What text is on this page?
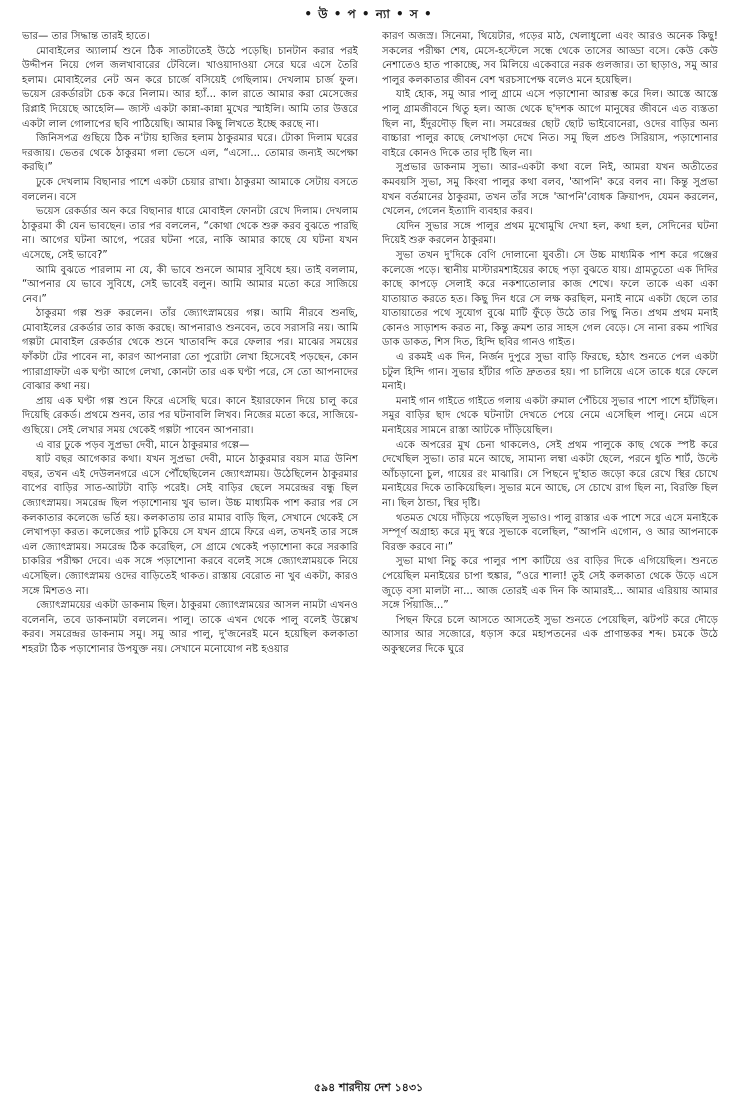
• উ • প • ন্যা • স •

ভার— তার সিদ্ধান্ত তারই হাতে।

মোবাইলের অ্যালার্ম শুনে ঠিক সাতটাতেই উঠে পড়েছি। চানটান করার পরই উদ্দীপন নিয়ে গেল জলখাবারের টেবিলে। খাওয়াদাওয়া সেরে ঘরে এসে তৈরি হলাম। মোবাইলের নেট অন করে চার্জে বসিয়েই গেছিলাম। দেখলাম চার্জ ফুল। ভয়েস রেকর্ডারটা চেক করে নিলাম। আর হ্যাঁ... কাল রাতে আমার করা মেসেজের রিপ্লাই দিয়েছে আহেলি— জাস্ট একটা কান্না-কান্না মুখের স্মাইলি। আমি তার উত্তরে একটা লাল গোলাপের ছবি পাঠিয়েছি। আমার কিছু লিখতে ইচ্ছে করছে না।

জিনিসপত্র গুছিয়ে ঠিক ন'টায় হাজির হলাম ঠাকুরমার ঘরে। টোকা দিলাম ঘরের দরজায়। ভেতর থেকে ঠাকুরমা গলা ভেসে এল, “এসো... তোমার জন্যই অপেক্ষা করছি।”

ঢুকে দেখলাম বিছানার পাশে একটা চেয়ার রাখা। ঠাকুরমা আমাকে সেটায় বসতে বললেন। বসে

ভয়েস রেকর্ডার অন করে বিছানার ধারে মোবাইল ফোনটা রেখে দিলাম। দেখলাম ঠাকুরমা কী যেন ভাবছেন। তার পর বললেন, “কোথা থেকে শুরু করব বুঝতে পারছি না। আগের ঘটনা আগে, পরের ঘটনা পরে, নাকি আমার কাছে যে ঘটনা যখন এসেছে, সেই ভাবে?”

আমি বুঝতে পারলাম না যে, কী ভাবে শুনলে আমার সুবিধে হয়। তাই বললাম, “আপনার যে ভাবে সুবিধে, সেই ভাবেই বলুন। আমি আমার মতো করে সাজিয়ে নেব।”

ঠাকুরমা গল্প শুরু করলেন। তাঁর জ্যোৎস্নাময়ের গল্প। আমি নীরবে শুনছি, মোবাইলের রেকর্ডার তার কাজ করছে। আপনারাও শুনবেন, তবে সরাসরি নয়। আমি গল্পটা মোবাইল রেকর্ডার থেকে শুনে খাতাবন্দি করে ফেলার পর। মাঝের সময়ের ফাঁকটা টের পাবেন না, কারণ আপনারা তো পুরোটা লেখা হিসেবেই পড়ছেন, কোন প্যারাগ্রাফটা এক ঘণ্টা আগে লেখা, কোনটা তার এক ঘণ্টা পরে, সে তো আপনাদের বোঝার কথা নয়।

প্রায় এক ঘণ্টা গল্প শুনে ফিরে এসেছি ঘরে। কানে ইয়ারফোন দিয়ে চালু করে দিয়েছি রেকর্ড। প্রথমে শুনব, তার পর ঘটনাবলি লিখব। নিজের মতো করে, সাজিয়ে-গুছিয়ে। সেই লেখার সময় থেকেই গল্পটা পাবেন আপনারা।

এ বার ঢুকে পড়ব সুপ্রভা দেবী, মানে ঠাকুরমার গল্পে—

ষাট বছর আগেকার কথা। যখন সুপ্রভা দেবী, মানে ঠাকুরমার বয়স মাত্র উনিশ বছর, তখন এই দেউলনগরে এসে পৌঁছেছিলেন জ্যোৎস্নাময়। উঠেছিলেন ঠাকুরমার বাপের বাড়ির সাত-আটটা বাড়ি পরেই। সেই বাড়ির ছেলে সমরেন্দ্রর বন্ধু ছিল জ্যোৎস্নাময়। সমরেন্দ্র ছিল পড়াশোনায় খুব ভাল। উচ্চ মাধ্যমিক পাশ করার পর সে কলকাতার কলেজে ভর্তি হয়। কলকাতায় তার মামার বাড়ি ছিল, সেখানে থেকেই সে লেখাপড়া করত। কলেজের পাট চুকিয়ে সে যখন গ্রামে ফিরে এল, তখনই তার সঙ্গে এল জ্যোৎস্নাময়। সমরেন্দ্র ঠিক করেছিল, সে গ্রামে থেকেই পড়াশোনা করে সরকারি চাকরির পরীক্ষা দেবে। এক সঙ্গে পড়াশোনা করবে বলেই সঙ্গে জ্যোৎস্নাময়কে নিয়ে এসেছিল। জ্যোৎস্নাময় ওদের বাড়িতেই থাকত। রাস্তায় বেরোত না খুব একটা, কারও সঙ্গে মিশতও না।

জ্যোৎস্নাময়ের একটা ডাকনাম ছিল। ঠাকুরমা জ্যোৎস্নাময়ের আসল নামটা এখনও বলেননি, তবে ডাকনামটা বললেন। পালু। তাকে এখন থেকে পালু বলেই উল্লেখ করব। সমরেন্দ্রর ডাকনাম সমু। সমু আর পালু, দু'জনেরই মনে হয়েছিল কলকাতা শহরটা ঠিক পড়াশোনার উপযুক্ত নয়। সেখানে মনোযোগ নষ্ট হওয়ার

কারণ অজস্র। সিনেমা, থিয়েটার, গড়ের মাঠ, খেলাধুলো এবং আরও অনেক কিছু! সকলের পরীক্ষা শেষ, মেসে-হস্টেলে সন্ধে থেকে তাসের আড্ডা বসে। কেউ কেউ নেশাতেও হাত পাকাচ্ছে, সব মিলিয়ে একেবারে নরক গুলজার। তা ছাড়াও, সমু আর পালুর কলকাতার জীবন বেশ খরচসাপেক্ষ বলেও মনে হয়েছিল।

যাই হোক, সমু আর পালু গ্রামে এসে পড়াশোনা আরম্ভ করে দিল। আস্তে আস্তে পালু গ্রামজীবনে থিতু হল। আজ থেকে ছ'দশক আগে মানুষের জীবনে এত ব্যস্ততা ছিল না, ইঁদুরদৌড় ছিল না। সমরেন্দ্রর ছোট ছোট ভাইবোনেরা, ওদের বাড়ির অন্য বাচ্চারা পালুর কাছে লেখাপড়া দেখে নিত। সমু ছিল প্রচণ্ড সিরিয়াস, পড়াশোনার বাইরে কোনও দিকে তার দৃষ্টি ছিল না।

সুপ্রভার ডাকনাম সুভা। আর-একটা কথা বলে নিই, আমরা যখন অতীতের কমবয়সি সুভা, সমু কিংবা পালুর কথা বলব, 'আপনি' করে বলব না। কিন্তু সুপ্রভা যখন বর্তমানের ঠাকুরমা, তখন তাঁর সঙ্গে 'আপনি'বোধক ক্রিয়াপদ, যেমন করলেন, খেলেন, গেলেন ইত্যাদি ব্যবহার করব।

যেদিন সুভার সঙ্গে পালুর প্রথম মুখোমুখি দেখা হল, কথা হল, সেদিনের ঘটনা দিয়েই শুরু করলেন ঠাকুরমা।

সুভা তখন দু'দিকে বেণি দোলানো যুবতী। সে উচ্চ মাধ্যমিক পাশ করে গঞ্জের কলেজে পড়ে। স্থানীয় মাস্টারমশাইয়ের কাছে পড়া বুঝতে যায়। গ্রামতুতো এক দিদির কাছে কাপড়ে সেলাই করে নকশাতোলার কাজ শেখে। ফলে তাকে একা একা যাতায়াত করতে হত। কিছু দিন ধরে সে লক্ষ করছিল, মনাই নামে একটা ছেলে তার যাতায়াতের পথে সুযোগ বুঝে মাটি ফুঁড়ে উঠে তার পিছু নিত। প্রথম প্রথম মনাই কোনও সাড়াশব্দ করত না, কিন্তু ক্রমশ তার সাহস গেল বেড়ে। সে নানা রকম পাখির ডাক ডাকত, শিস দিত, হিন্দি ছবির গানও গাইত।

এ রকমই এক দিন, নির্জন দুপুরে সুভা বাড়ি ফিরছে, হঠাৎ শুনতে পেল একটা চটুল হিন্দি গান। সুভার হাঁটার গতি দ্রুততর হয়। পা চালিয়ে এসে তাকে ধরে ফেলে মনাই।

মনাই গান গাইতে গাইতে গলায় একটা রুমাল পেঁচিয়ে সুভার পাশে পাশে হাঁটছিল। সমুর বাড়ির ছাদ থেকে ঘটনাটা দেখতে পেয়ে নেমে এসেছিল পালু। নেমে এসে মনাইয়ের সামনে রাস্তা আটকে দাঁড়িয়েছিল।

একে অপরের মুখ চেনা থাকলেও, সেই প্রথম পালুকে কাছ থেকে স্পষ্ট করে দেখেছিল সুভা। তার মনে আছে, সামান্য লম্বা একটা ছেলে, পরনে ধুতি শার্ট, উল্টে আঁচড়ানো চুল, গায়ের রং মাঝারি। সে পিছনে দু'হাত জড়ো করে রেখে স্থির চোখে মনাইয়ের দিকে তাকিয়েছিল। সুভার মনে আছে, সে চোখে রাগ ছিল না, বিরক্তি ছিল না। ছিল ঠান্ডা, স্থির দৃষ্টি।

থতমত খেয়ে দাঁড়িয়ে পড়েছিল সুভাও। পালু রাস্তার এক পাশে সরে এসে মনাইকে সম্পূর্ণ অগ্রাহ্য করে মৃদু স্বরে সুভাকে বলেছিল, “আপনি এগোন, ও আর আপনাকে বিরক্ত করবে না।”

সুভা মাথা নিচু করে পালুর পাশ কাটিয়ে ওর বাড়ির দিকে এগিয়েছিল। শুনতে পেয়েছিল মনাইয়ের চাপা হুঙ্কার, “ওরে শালা! তুই সেই কলকাতা থেকে উড়ে এসে জুড়ে বসা মালটা না... আজ তোরই এক দিন কি আমারই... আমার এরিয়ায় আমার সঙ্গে পিঁয়াজি...”

পিছন ফিরে চলে আসতে আসতেই সুভা শুনতে পেয়েছিল, ঝটপট করে দৌড়ে আসার আর সজোরে, ধড়াস করে মহাপতনের এক প্রাণান্তকর শব্দ। চমকে উঠে অকুস্থলের দিকে ঘুরে

৫৯৪ শারদীয় দেশ ১৪৩১
